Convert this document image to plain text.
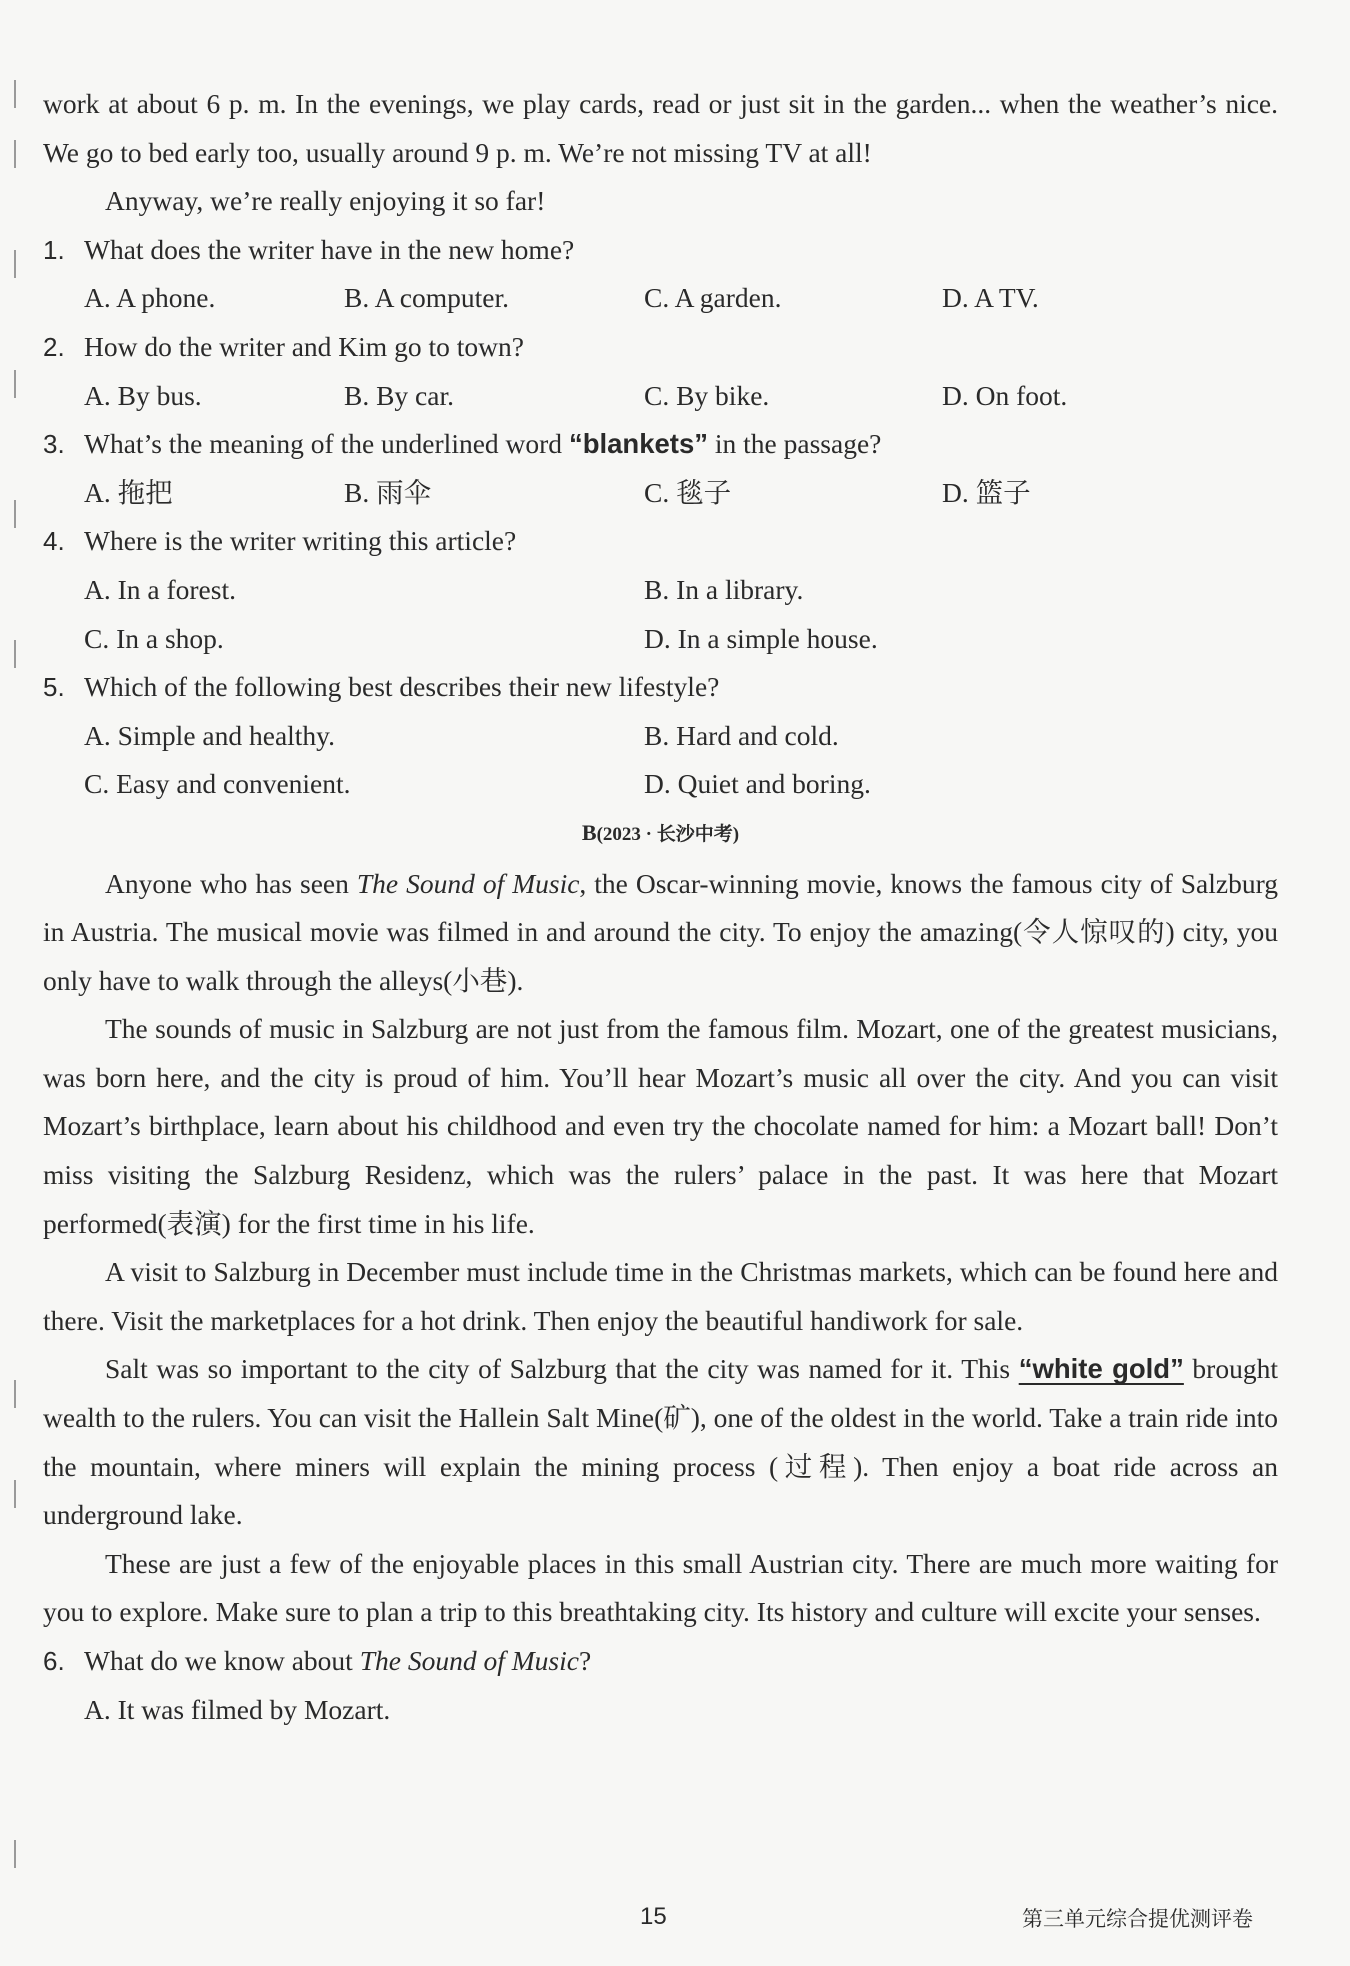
work at about 6 p. m. In the evenings, we play cards, read or just sit in the garden... when the weather’s nice. We go to bed early too, usually around 9 p. m. We’re not missing TV at all!

Anyway, we’re really enjoying it so far!

1. What does the writer have in the new home?
A. A phone.	B. A computer.	C. A garden.	D. A TV.
2. How do the writer and Kim go to town?
A. By bus.	B. By car.	C. By bike.	D. On foot.
3. What’s the meaning of the underlined word “blankets” in the passage?
A. 拖把	B. 雨伞	C. 毯子	D. 篮子
4. Where is the writer writing this article?
A. In a forest.	B. In a library.
C. In a shop.	D. In a simple house.
5. Which of the following best describes their new lifestyle?
A. Simple and healthy.	B. Hard and cold.
C. Easy and convenient.	D. Quiet and boring.
B(2023 · 长沙中考)

Anyone who has seen The Sound of Music, the Oscar-winning movie, knows the famous city of Salzburg in Austria. The musical movie was filmed in and around the city. To enjoy the amazing(令人惊叹的) city, you only have to walk through the alleys(小巷).

The sounds of music in Salzburg are not just from the famous film. Mozart, one of the greatest musicians, was born here, and the city is proud of him. You’ll hear Mozart’s music all over the city. And you can visit Mozart’s birthplace, learn about his childhood and even try the chocolate named for him: a Mozart ball! Don’t miss visiting the Salzburg Residenz, which was the rulers’ palace in the past. It was here that Mozart performed(表演) for the first time in his life.

A visit to Salzburg in December must include time in the Christmas markets, which can be found here and there. Visit the marketplaces for a hot drink. Then enjoy the beautiful handiwork for sale.

Salt was so important to the city of Salzburg that the city was named for it. This “white gold” brought wealth to the rulers. You can visit the Hallein Salt Mine(矿), one of the oldest in the world. Take a train ride into the mountain, where miners will explain the mining process (过程). Then enjoy a boat ride across an underground lake.

These are just a few of the enjoyable places in this small Austrian city. There are much more waiting for you to explore. Make sure to plan a trip to this breathtaking city. Its history and culture will excite your senses.

6. What do we know about The Sound of Music?
A. It was filmed by Mozart.
15	第三单元综合提优测评卷
